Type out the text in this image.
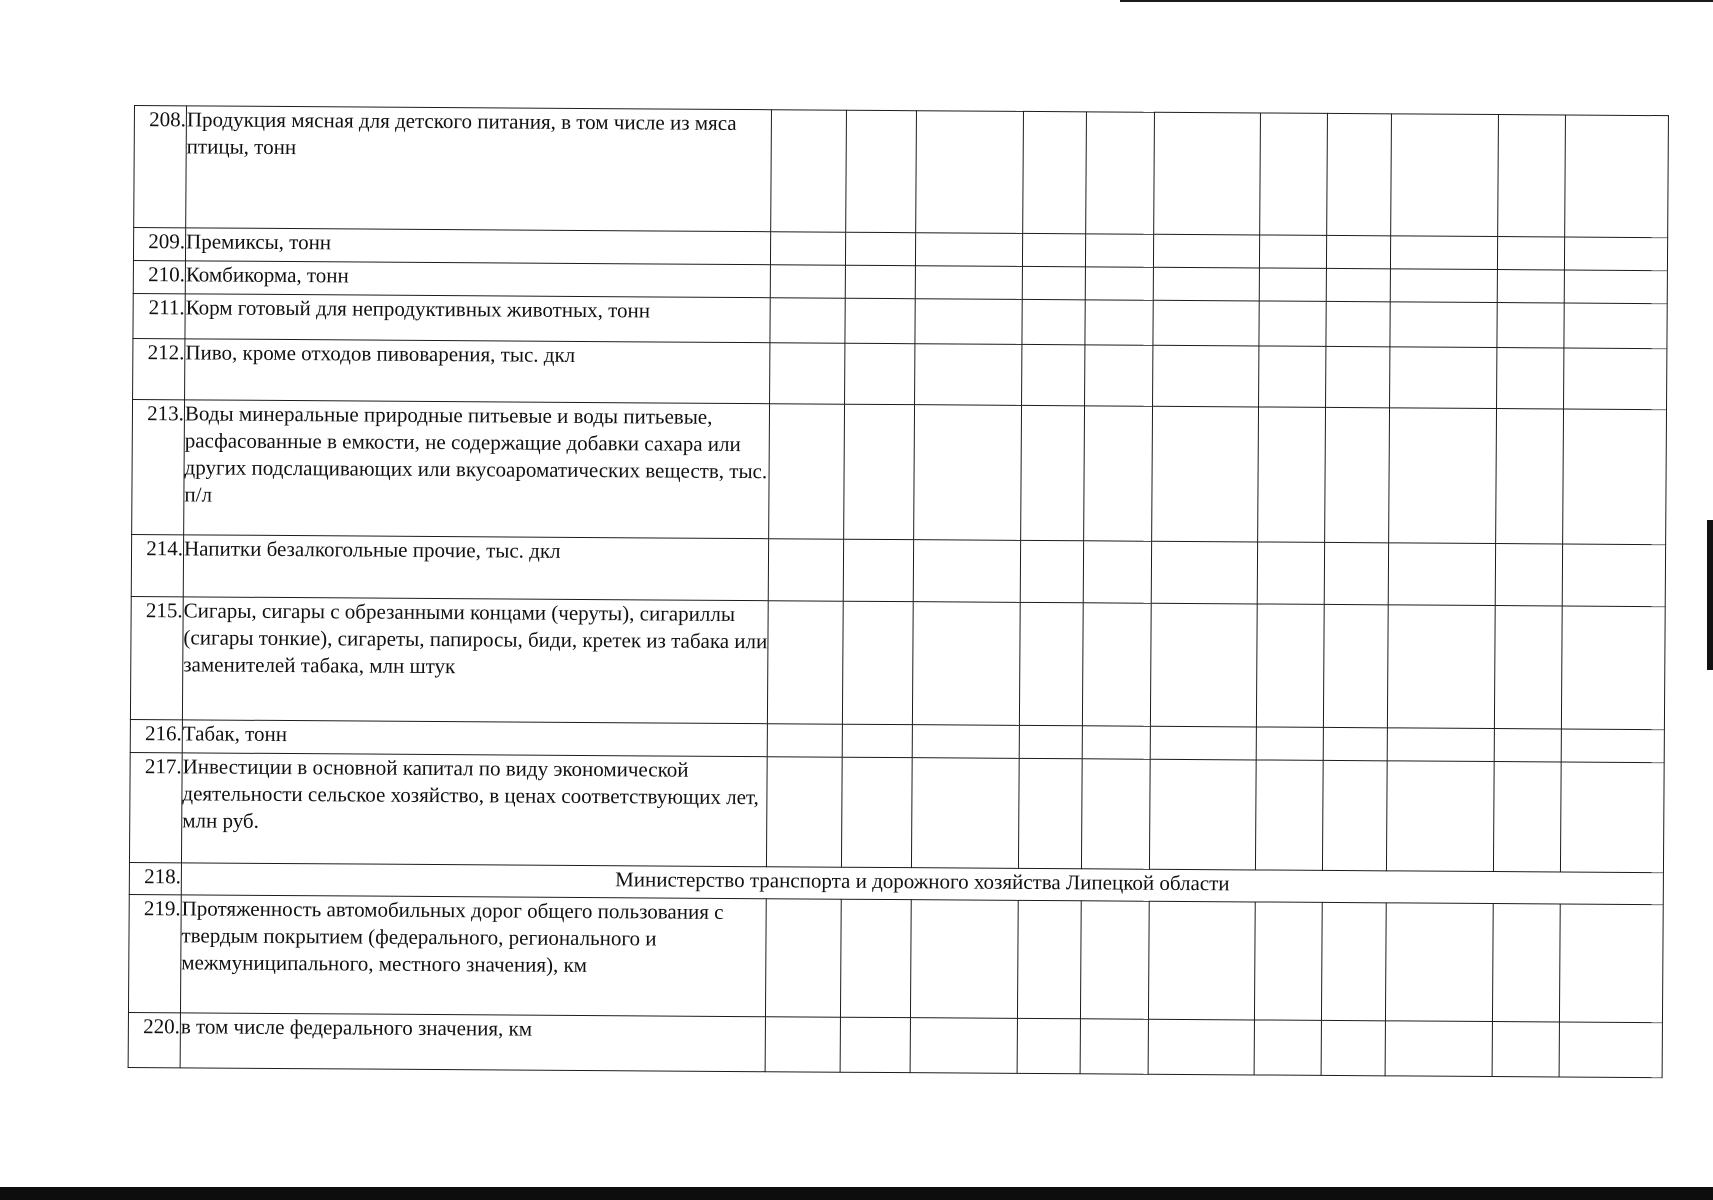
208.	Продукция мясная для детского питания, в том числе из мяса птицы, тонн											
209.	Премиксы, тонн											
210.	Комбикорма, тонн											
211.	Корм готовый для непродуктивных животных, тонн											
212.	Пиво, кроме отходов пивоварения, тыс. дкл											
213.	Воды минеральные природные питьевые и воды питьевые, расфасованные в емкости, не содержащие добавки сахара или других подслащивающих или вкусоароматических веществ, тыс. п/л											
214.	Напитки безалкогольные прочие, тыс. дкл											
215.	Сигары, сигары с обрезанными концами (черуты), сигариллы (сигары тонкие), сигареты, папиросы, биди, кретек из табака или заменителей табака, млн штук											
216.	Табак, тонн											
217.	Инвестиции в основной капитал по виду экономической деятельности сельское хозяйство, в ценах соответствующих лет, млн руб.											
218.	Министерство транспорта и дорожного хозяйства Липецкой области											
219.	Протяженность автомобильных дорог общего пользования с твердым покрытием (федерального, регионального и межмуниципального, местного значения), км											
220.	в том числе федерального значения, км											
